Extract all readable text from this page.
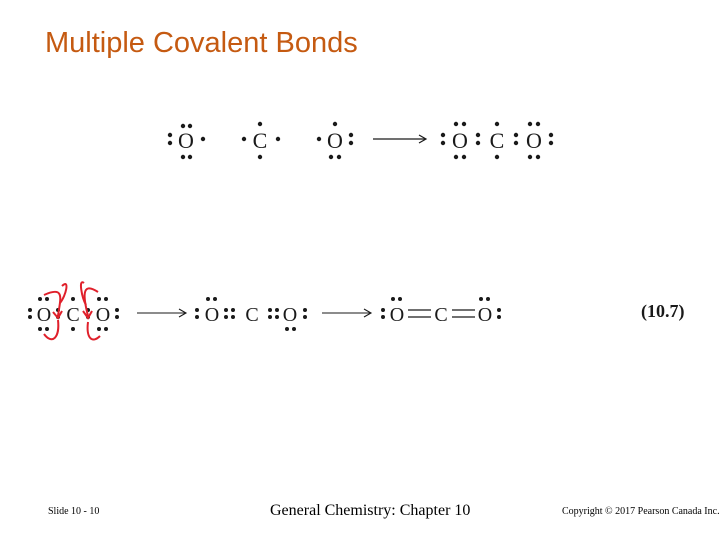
Multiple Covalent Bonds
O	C	O	O C O
O C O	O C O	O C O	(10.7)
Slide 10 - 10	General Chemistry: Chapter 10	Copyright © 2017 Pearson Canada Inc.
